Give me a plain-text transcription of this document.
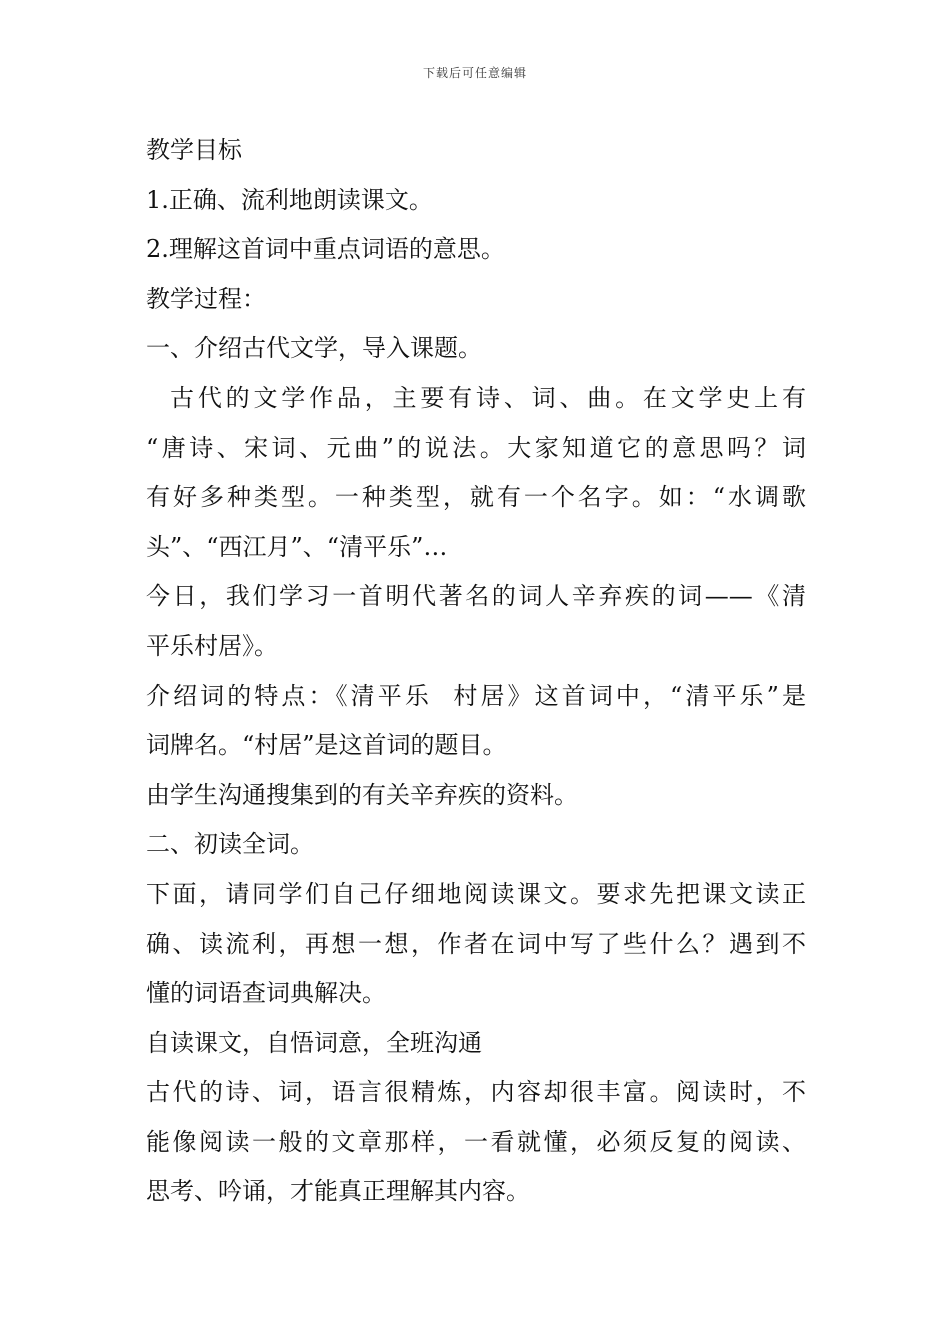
下载后可任意编辑
教学目标
1.正确、流利地朗读课文。
2.理解这首词中重点词语的意思。
教学过程：
一、介绍古代文学，导入课题。
古代的文学作品，主要有诗、词、曲。在文学史上有
“唐诗、宋词、元曲”的说法。大家知道它的意思吗？词
有好多种类型。一种类型，就有一个名字。如：“水调歌
头”、“西江月”、“清平乐”…
今日，我们学习一首明代著名的词人辛弃疾的词——《清
平乐村居》。
介绍词的特点：《清平乐  村居》这首词中，“清平乐”是
词牌名。“村居”是这首词的题目。
由学生沟通搜集到的有关辛弃疾的资料。
二、初读全词。
下面，请同学们自己仔细地阅读课文。要求先把课文读正
确、读流利，再想一想，作者在词中写了些什么？遇到不
懂的词语查词典解决。
自读课文，自悟词意，全班沟通
古代的诗、词，语言很精炼，内容却很丰富。阅读时，不
能像阅读一般的文章那样，一看就懂，必须反复的阅读、
思考、吟诵，才能真正理解其内容。
